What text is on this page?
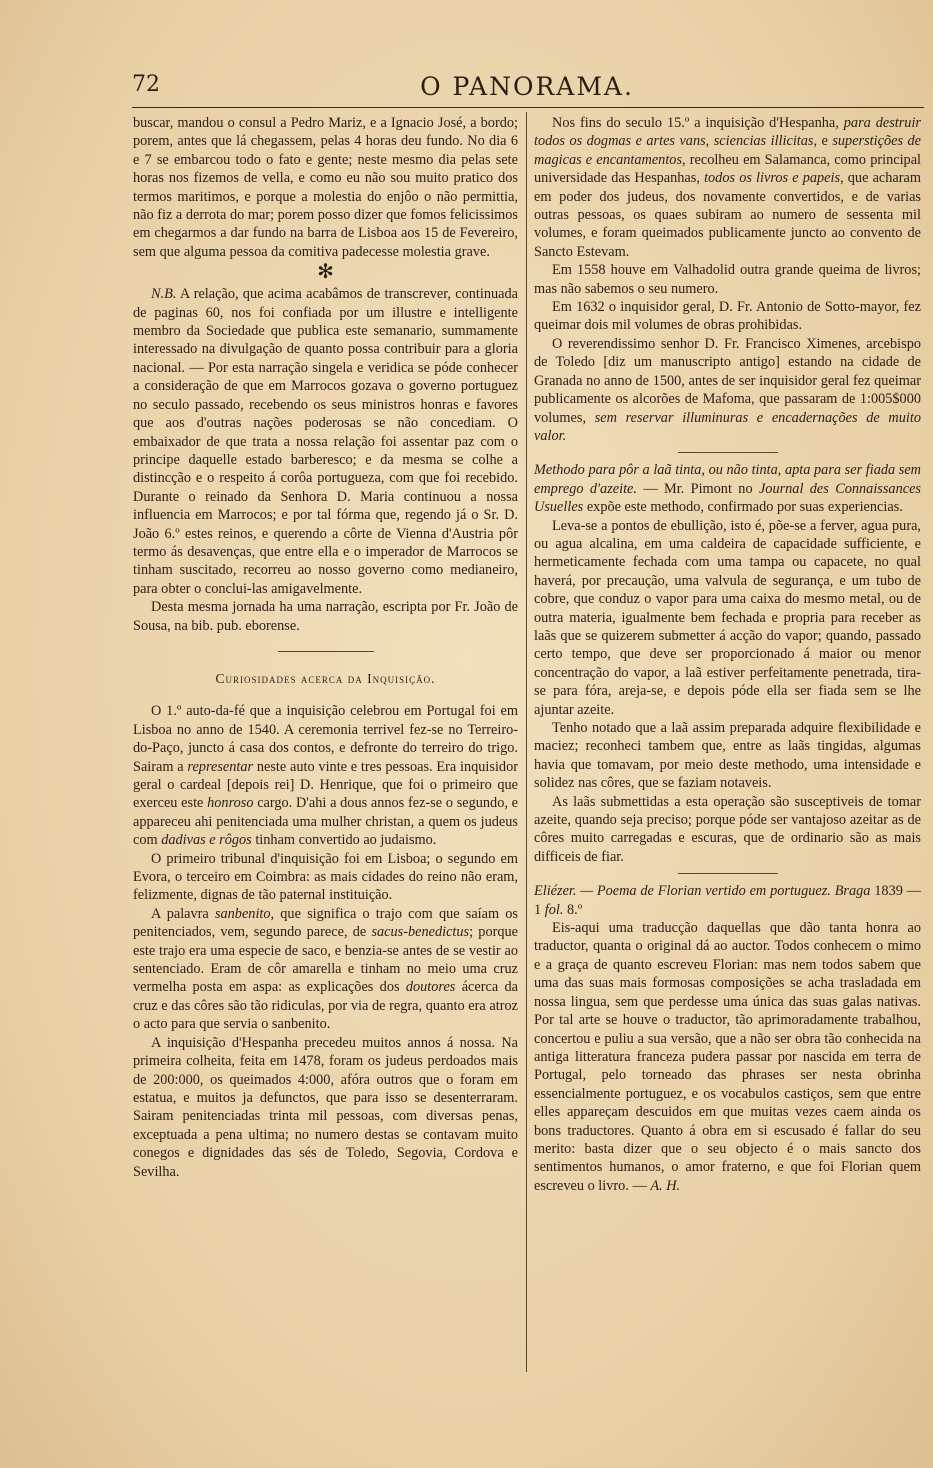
72	O PANORAMA.

buscar, mandou o consul a Pedro Mariz, e a Ignacio José, a bordo; porem, antes que lá chegassem, pelas 4 horas deu fundo. No dia 6 e 7 se embarcou todo o fato e gente; neste mesmo dia pelas sete horas nos fizemos de vella, e como eu não sou muito pratico dos termos maritimos, e porque a molestia do enjôo o não permittia, não fiz a derrota do mar; porem posso dizer que fomos felicissimos em chegarmos a dar fundo na barra de Lisboa aos 15 de Fevereiro, sem que alguma pessoa da comitiva padecesse molestia grave.

✻

N.B. A relação, que acima acabâmos de transcrever, continuada de paginas 60, nos foi confiada por um illustre e intelligente membro da Sociedade que publica este semanario, summamente interessado na divulgação de quanto possa contribuir para a gloria nacional. — Por esta narração singela e veridica se póde conhecer a consideração de que em Marrocos gozava o governo portuguez no seculo passado, recebendo os seus ministros honras e favores que aos d'outras nações poderosas se não concediam. O embaixador de que trata a nossa relação foi assentar paz com o principe daquelle estado barberesco; e da mesma se colhe a distincção e o respeito á corôa portugueza, com que foi recebido. Durante o reinado da Senhora D. Maria continuou a nossa influencia em Marrocos; e por tal fórma que, regendo já o Sr. D. João 6.º estes reinos, e querendo a côrte de Vienna d'Austria pôr termo ás desavenças, que entre ella e o imperador de Marrocos se tinham suscitado, recorreu ao nosso governo como medianeiro, para obter o conclui-las amigavelmente.

Desta mesma jornada ha uma narração, escripta por Fr. João de Sousa, na bib. pub. eborense.

Curiosidades acerca da Inquisição.

O 1.º auto-da-fé que a inquisição celebrou em Portugal foi em Lisboa no anno de 1540. A ceremonia terrivel fez-se no Terreiro-do-Paço, juncto á casa dos contos, e defronte do terreiro do trigo. Sairam a representar neste auto vinte e tres pessoas. Era inquisidor geral o cardeal [depois rei] D. Henrique, que foi o primeiro que exerceu este honroso cargo. D'ahi a dous annos fez-se o segundo, e appareceu ahi penitenciada uma mulher christan, a quem os judeus com dadivas e rôgos tinham convertido ao judaismo.

O primeiro tribunal d'inquisição foi em Lisboa; o segundo em Evora, o terceiro em Coimbra: as mais cidades do reino não eram, felizmente, dignas de tão paternal instituição.

A palavra sanbenito, que significa o trajo com que saíam os penitenciados, vem, segundo parece, de sacus-benedictus; porque este trajo era uma especie de saco, e benzia-se antes de se vestir ao sentenciado. Eram de côr amarella e tinham no meio uma cruz vermelha posta em aspa: as explicações dos doutores ácerca da cruz e das côres são tão ridiculas, por via de regra, quanto era atroz o acto para que servia o sanbenito.

A inquisição d'Hespanha precedeu muitos annos á nossa. Na primeira colheita, feita em 1478, foram os judeus perdoados mais de 200:000, os queimados 4:000, afóra outros que o foram em estatua, e muitos ja defunctos, que para isso se desenterraram. Sairam penitenciadas trinta mil pessoas, com diversas penas, exceptuada a pena ultima; no numero destas se contavam muito conegos e dignidades das sés de Toledo, Segovia, Cordova e Sevilha.

Nos fins do seculo 15.º a inquisição d'Hespanha, para destruir todos os dogmas e artes vans, sciencias illicitas, e superstições de magicas e encantamentos, recolheu em Salamanca, como principal universidade das Hespanhas, todos os livros e papeis, que acharam em poder dos judeus, dos novamente convertidos, e de varias outras pessoas, os quaes subiram ao numero de sessenta mil volumes, e foram queimados publicamente juncto ao convento de Sancto Estevam.

Em 1558 houve em Valhadolid outra grande queima de livros; mas não sabemos o seu numero.

Em 1632 o inquisidor geral, D. Fr. Antonio de Sotto-mayor, fez queimar dois mil volumes de obras prohibidas.

O reverendissimo senhor D. Fr. Francisco Ximenes, arcebispo de Toledo [diz um manuscripto antigo] estando na cidade de Granada no anno de 1500, antes de ser inquisidor geral fez queimar publicamente os alcorões de Mafoma, que passaram de 1:005$000 volumes, sem reservar illuminuras e encadernações de muito valor.

Methodo para pôr a laã tinta, ou não tinta, apta para ser fiada sem emprego d'azeite. — Mr. Pimont no Journal des Connaissances Usuelles expõe este methodo, confirmado por suas experiencias.

Leva-se a pontos de ebullição, isto é, põe-se a ferver, agua pura, ou agua alcalina, em uma caldeira de capacidade sufficiente, e hermeticamente fechada com uma tampa ou capacete, no qual haverá, por precaução, uma valvula de segurança, e um tubo de cobre, que conduz o vapor para uma caixa do mesmo metal, ou de outra materia, igualmente bem fechada e propria para receber as laãs que se quizerem submetter á acção do vapor; quando, passado certo tempo, que deve ser proporcionado á maior ou menor concentração do vapor, a laã estiver perfeitamente penetrada, tira-se para fóra, areja-se, e depois póde ella ser fiada sem se lhe ajuntar azeite.

Tenho notado que a laã assim preparada adquire flexibilidade e maciez; reconheci tambem que, entre as laãs tingidas, algumas havia que tomavam, por meio deste methodo, uma intensidade e solidez nas côres, que se faziam notaveis.

As laãs submettidas a esta operação são susceptiveis de tomar azeite, quando seja preciso; porque póde ser vantajoso azeitar as de côres muito carregadas e escuras, que de ordinario são as mais difficeis de fiar.

Eliézer. — Poema de Florian vertido em portuguez. Braga 1839 — 1 fol. 8.º

Eis-aqui uma traducção daquellas que dão tanta honra ao traductor, quanta o original dá ao auctor. Todos conhecem o mimo e a graça de quanto escreveu Florian: mas nem todos sabem que uma das suas mais formosas composições se acha trasladada em nossa lingua, sem que perdesse uma única das suas galas nativas. Por tal arte se houve o traductor, tão aprimoradamente trabalhou, concertou e puliu a sua versão, que a não ser obra tão conhecida na antiga litteratura franceza pudera passar por nascida em terra de Portugal, pelo torneado das phrases ser nesta obrinha essencialmente portuguez, e os vocabulos castiços, sem que entre elles appareçam descuidos em que muitas vezes caem ainda os bons traductores. Quanto á obra em si escusado é fallar do seu merito: basta dizer que o seu objecto é o mais sancto dos sentimentos humanos, o amor fraterno, e que foi Florian quem escreveu o livro. — A. H.
